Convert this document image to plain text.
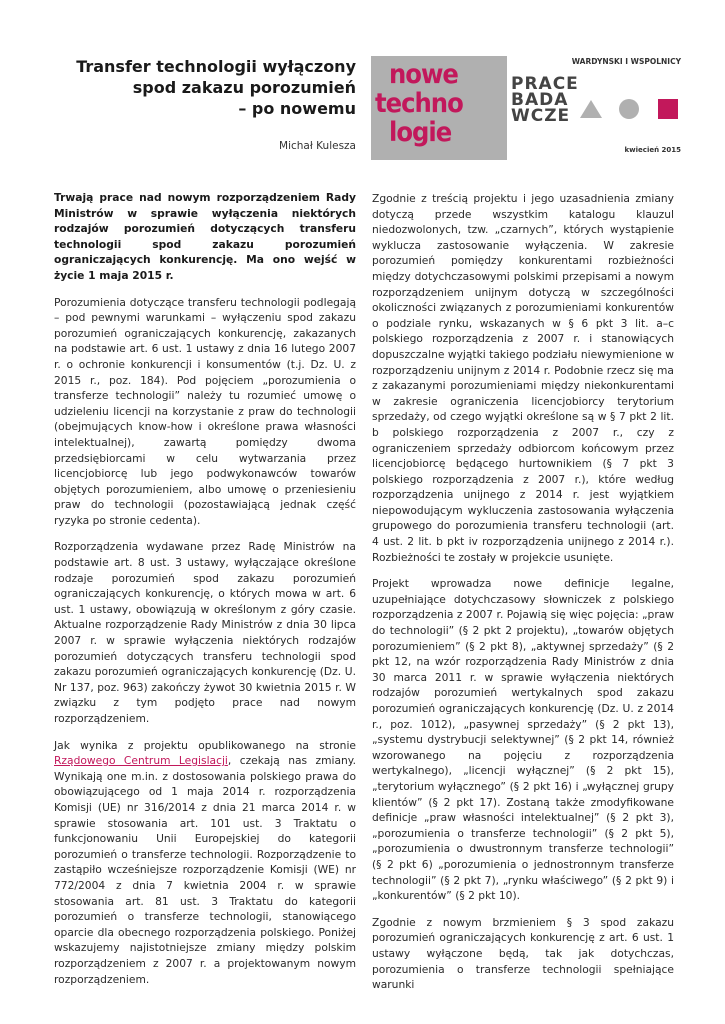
Transfer technologii wyłączony
spod zakazu porozumień
– po nowemu
Michał Kulesza
nowe
techno
logie
PRACE
BADA
WCZE
WARDYNSKI I WSPOLNICY
kwiecień 2015

Trwają prace nad nowym rozporządzeniem Rady Ministrów w sprawie wyłączenia niektórych rodzajów porozumień dotyczących transferu technologii spod zakazu porozumień ograniczających konkurencję. Ma ono wejść w życie 1 maja 2015 r.

Porozumienia dotyczące transferu technologii podlegają – pod pewnymi warunkami – wyłączeniu spod zakazu porozumień ograniczających konkurencję, zakazanych na podstawie art. 6 ust. 1 ustawy z dnia 16 lutego 2007 r. o ochronie konkurencji i konsumentów (t.j. Dz. U. z 2015 r., poz. 184). Pod pojęciem „porozumienia o transferze technologii” należy tu rozumieć umowę o udzieleniu licencji na korzystanie z praw do technologii (obejmujących know-how i określone prawa własności intelektualnej), zawartą pomiędzy dwoma przedsiębiorcami w celu wytwarzania przez licencjobiorcę lub jego podwykonawców towarów objętych porozumieniem, albo umowę o przeniesieniu praw do technologii (pozostawiającą jednak część ryzyka po stronie cedenta).

Rozporządzenia wydawane przez Radę Ministrów na podstawie art. 8 ust. 3 ustawy, wyłączające określone rodzaje porozumień spod zakazu porozumień ograniczających konkurencję, o których mowa w art. 6 ust. 1 ustawy, obowiązują w określonym z góry czasie. Aktualne rozporządzenie Rady Ministrów z dnia 30 lipca 2007 r. w sprawie wyłączenia niektórych rodzajów porozumień dotyczących transferu technologii spod zakazu porozumień ograniczających konkurencję (Dz. U. Nr 137, poz. 963) zakończy żywot 30 kwietnia 2015 r. W związku z tym podjęto prace nad nowym rozporządzeniem.

Jak wynika z projektu opublikowanego na stronie Rządowego Centrum Legislacji, czekają nas zmiany. Wynikają one m.in. z dostosowania polskiego prawa do obowiązującego od 1 maja 2014 r. rozporządzenia Komisji (UE) nr 316/2014 z dnia 21 marca 2014 r. w sprawie stosowania art. 101 ust. 3 Traktatu o funkcjonowaniu Unii Europejskiej do kategorii porozumień o transferze technologii. Rozporządzenie to zastąpiło wcześniejsze rozporządzenie Komisji (WE) nr 772/2004 z dnia 7 kwietnia 2004 r. w sprawie stosowania art. 81 ust. 3 Traktatu do kategorii porozumień o transferze technologii, stanowiącego oparcie dla obecnego rozporządzenia polskiego. Poniżej wskazujemy najistotniejsze zmiany między polskim rozporządzeniem z 2007 r. a projektowanym nowym rozporządzeniem.

Zgodnie z treścią projektu i jego uzasadnienia zmiany dotyczą przede wszystkim katalogu klauzul niedozwolonych, tzw. „czarnych”, których wystąpienie wyklucza zastosowanie wyłączenia. W zakresie porozumień pomiędzy konkurentami rozbieżności między dotychczasowymi polskimi przepisami a nowym rozporządzeniem unijnym dotyczą w szczególności okoliczności związanych z porozumieniami konkurentów o podziale rynku, wskazanych w § 6 pkt 3 lit. a–c polskiego rozporządzenia z 2007 r. i stanowiących dopuszczalne wyjątki takiego podziału niewymienione w rozporządzeniu unijnym z 2014 r. Podobnie rzecz się ma z zakazanymi porozumieniami między niekonkurentami w zakresie ograniczenia licencjobiorcy terytorium sprzedaży, od czego wyjątki określone są w § 7 pkt 2 lit. b polskiego rozporządzenia z 2007 r., czy z ograniczeniem sprzedaży odbiorcom końcowym przez licencjobiorcę będącego hurtownikiem (§ 7 pkt 3 polskiego rozporządzenia z 2007 r.), które według rozporządzenia unijnego z 2014 r. jest wyjątkiem niepowodującym wykluczenia zastosowania wyłączenia grupowego do porozumienia transferu technologii (art. 4 ust. 2 lit. b pkt iv rozporządzenia unijnego z 2014 r.). Rozbieżności te zostały w projekcie usunięte.

Projekt wprowadza nowe definicje legalne, uzupełniające dotychczasowy słowniczek z polskiego rozporządzenia z 2007 r. Pojawią się więc pojęcia: „praw do technologii” (§ 2 pkt 2 projektu), „towarów objętych porozumieniem” (§ 2 pkt 8), „aktywnej sprzedaży” (§ 2 pkt 12, na wzór rozporządzenia Rady Ministrów z dnia 30 marca 2011 r. w sprawie wyłączenia niektórych rodzajów porozumień wertykalnych spod zakazu porozumień ograniczających konkurencję (Dz. U. z 2014 r., poz. 1012), „pasywnej sprzedaży” (§ 2 pkt 13), „systemu dystrybucji selektywnej” (§ 2 pkt 14, również wzorowanego na pojęciu z rozporządzenia wertykalnego), „licencji wyłącznej” (§ 2 pkt 15), „terytorium wyłącznego” (§ 2 pkt 16) i „wyłącznej grupy klientów” (§ 2 pkt 17). Zostaną także zmodyfikowane definicje „praw własności intelektualnej” (§ 2 pkt 3), „porozumienia o transferze technologii” (§ 2 pkt 5), „porozumienia o dwustronnym transferze technologii” (§ 2 pkt 6) „porozumienia o jednostronnym transferze technologii” (§ 2 pkt 7), „rynku właściwego” (§ 2 pkt 9) i „konkurentów” (§ 2 pkt 10).

Zgodnie z nowym brzmieniem § 3 spod zakazu porozumień ograniczających konkurencję z art. 6 ust. 1 ustawy wyłączone będą, tak jak dotychczas, porozumienia o transferze technologii spełniające warunki
